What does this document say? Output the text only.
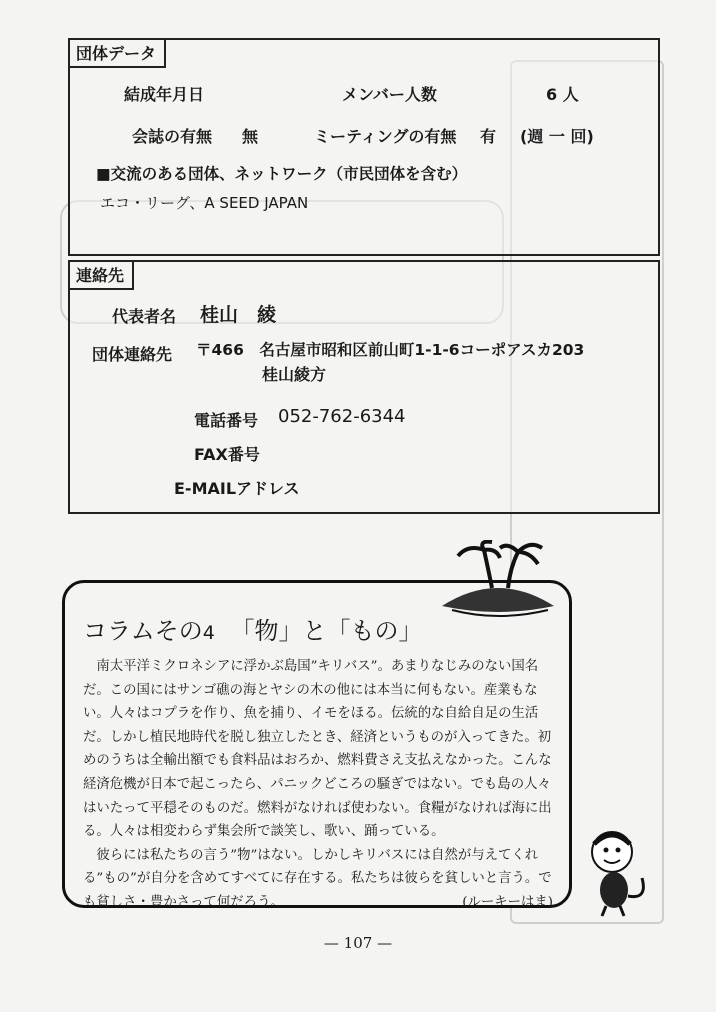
団体データ
結成年月日	メンバー人数	6 人
会誌の有無 無	ミーティングの有無 有 (週 一 回)
■交流のある団体、ネットワーク（市民団体を含む）
エコ・リーグ、A SEED JAPAN
連絡先
代表者名 桂山　綾
団体連絡先 〒466　名古屋市昭和区前山町1-1-6コーポアスカ203
桂山綾方
電話番号 052-762-6344
FAX番号
E-MAILアドレス
コラムその4 「物」と「もの」

南太平洋ミクロネシアに浮かぶ島国”キリバス”。あまりなじみのない国名だ。この国にはサンゴ礁の海とヤシの木の他には本当に何もない。産業もない。人々はコプラを作り、魚を捕り、イモをほる。伝統的な自給自足の生活だ。しかし植民地時代を脱し独立したとき、経済というものが入ってきた。初めのうちは全輸出額でも食料品はおろか、燃料費さえ支払えなかった。こんな経済危機が日本で起こったら、パニックどころの騒ぎではない。でも島の人々はいたって平穏そのものだ。燃料がなければ使わない。食糧がなければ海に出る。人々は相変わらず集会所で談笑し、歌い、踊っている。

彼らには私たちの言う”物”はない。しかしキリバスには自然が与えてくれる”もの”が自分を含めてすべてに存在する。私たちは彼らを貧しいと言う。でも貧しさ・豊かさって何だろう。	(ルーキーはま)
— 107 —
